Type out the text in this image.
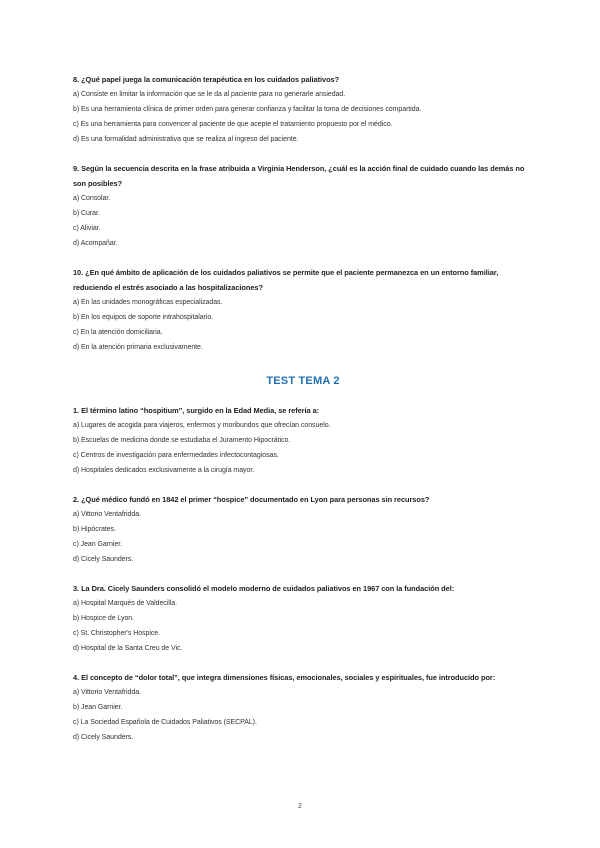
8. ¿Qué papel juega la comunicación terapéutica en los cuidados paliativos?

a) Consiste en limitar la información que se le da al paciente para no generarle ansiedad.

b) Es una herramienta clínica de primer orden para generar confianza y facilitar la toma de decisiones compartida.

c) Es una herramienta para convencer al paciente de que acepte el tratamiento propuesto por el médico.

d) Es una formalidad administrativa que se realiza al ingreso del paciente.

9. Según la secuencia descrita en la frase atribuida a Virginia Henderson, ¿cuál es la acción final de cuidado cuando las demás no son posibles?

a) Consolar.

b) Curar.

c) Aliviar.

d) Acompañar.

10. ¿En qué ámbito de aplicación de los cuidados paliativos se permite que el paciente permanezca en un entorno familiar, reduciendo el estrés asociado a las hospitalizaciones?

a) En las unidades monográficas especializadas.

b) En los equipos de soporte intrahospitalario.

c) En la atención domiciliaria.

d) En la atención primaria exclusivamente.

TEST TEMA 2

1. El término latino “hospitium”, surgido en la Edad Media, se refería a:

a) Lugares de acogida para viajeros, enfermos y moribundos que ofrecían consuelo.

b) Escuelas de medicina donde se estudiaba el Juramento Hipocrático.

c) Centros de investigación para enfermedades infectocontagiosas.

d) Hospitales dedicados exclusivamente a la cirugía mayor.

2. ¿Qué médico fundó en 1842 el primer “hospice” documentado en Lyon para personas sin recursos?

a) Vittorio Ventafridda.

b) Hipócrates.

c) Jean Garnier.

d) Cicely Saunders.

3. La Dra. Cicely Saunders consolidó el modelo moderno de cuidados paliativos en 1967 con la fundación del:

a) Hospital Marqués de Valdecilla.

b) Hospice de Lyon.

c) St. Christopher's Hospice.

d) Hospital de la Santa Creu de Vic.

4. El concepto de “dolor total”, que integra dimensiones físicas, emocionales, sociales y espirituales, fue introducido por:

a) Vittorio Ventafridda.

b) Jean Garnier.

c) La Sociedad Española de Cuidados Paliativos (SECPAL).

d) Cicely Saunders.

2
